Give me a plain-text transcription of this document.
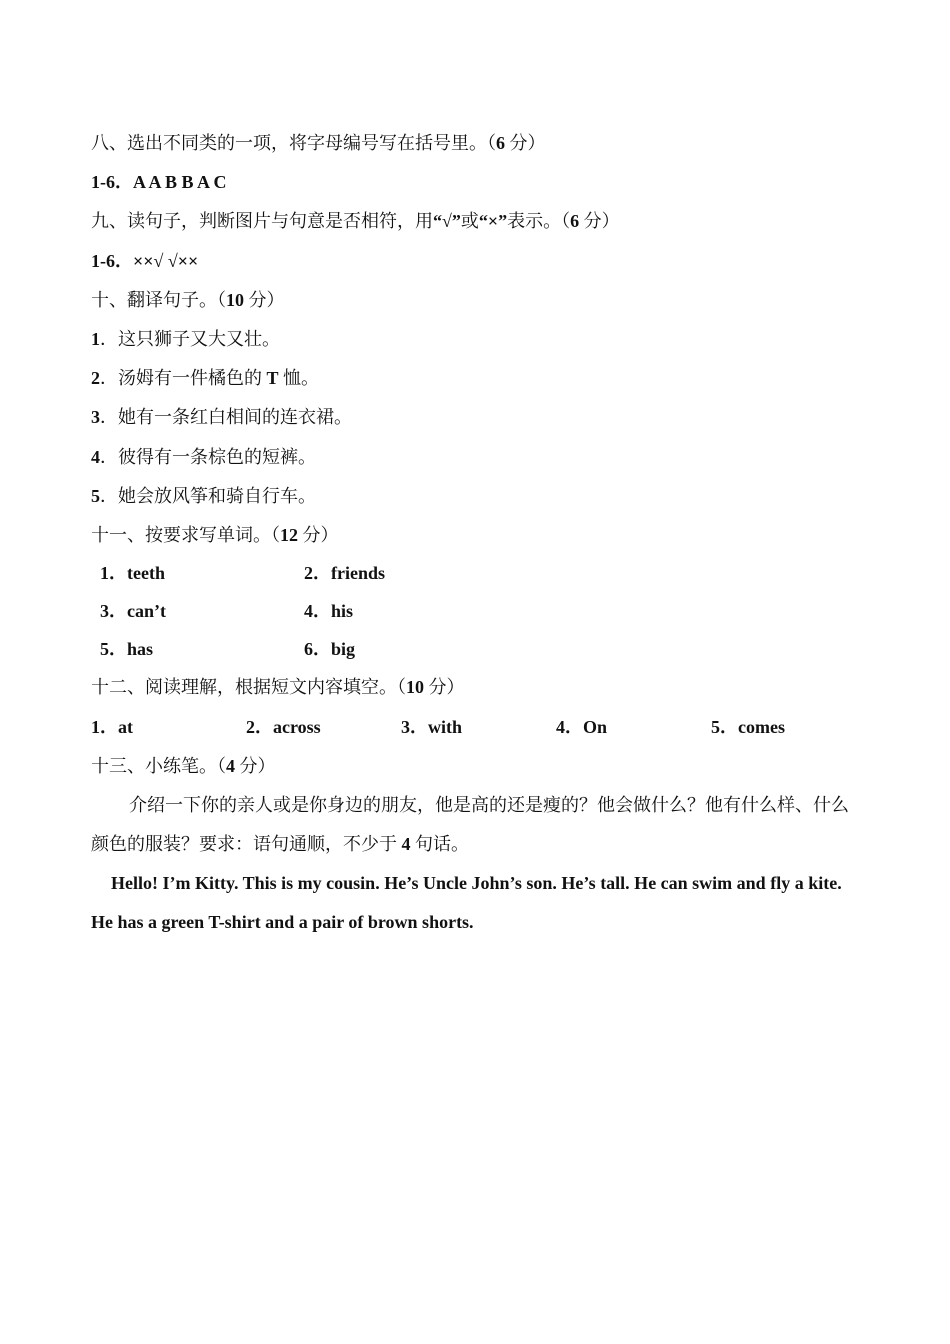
八、选出不同类的一项，将字母编号写在括号里。（6 分）
1-6．A A B B A C
九、读句子，判断图片与句意是否相符，用“√”或“×”表示。（6 分）
1-6．××√ √××
十、翻译句子。（10 分）
1．这只狮子又大又壮。
2．汤姆有一件橘色的 T 恤。
3．她有一条红白相间的连衣裙。
4．彼得有一条棕色的短裤。
5．她会放风筝和骑自行车。
十一、按要求写单词。（12 分）
1．teeth	2．friends
3．can’t	4．his
5．has	6．big
十二、阅读理解，根据短文内容填空。（10 分）
1．at	2．across	3．with	4．On	5．comes
十三、小练笔。（4 分）
介绍一下你的亲人或是你身边的朋友，他是高的还是瘦的？他会做什么？他有什么样、什么颜色的服装？要求：语句通顺，不少于 4 句话。
Hello! I’m Kitty. This is my cousin. He’s Uncle John’s son. He’s tall. He can swim and fly a kite. He has a green T-shirt and a pair of brown shorts.
